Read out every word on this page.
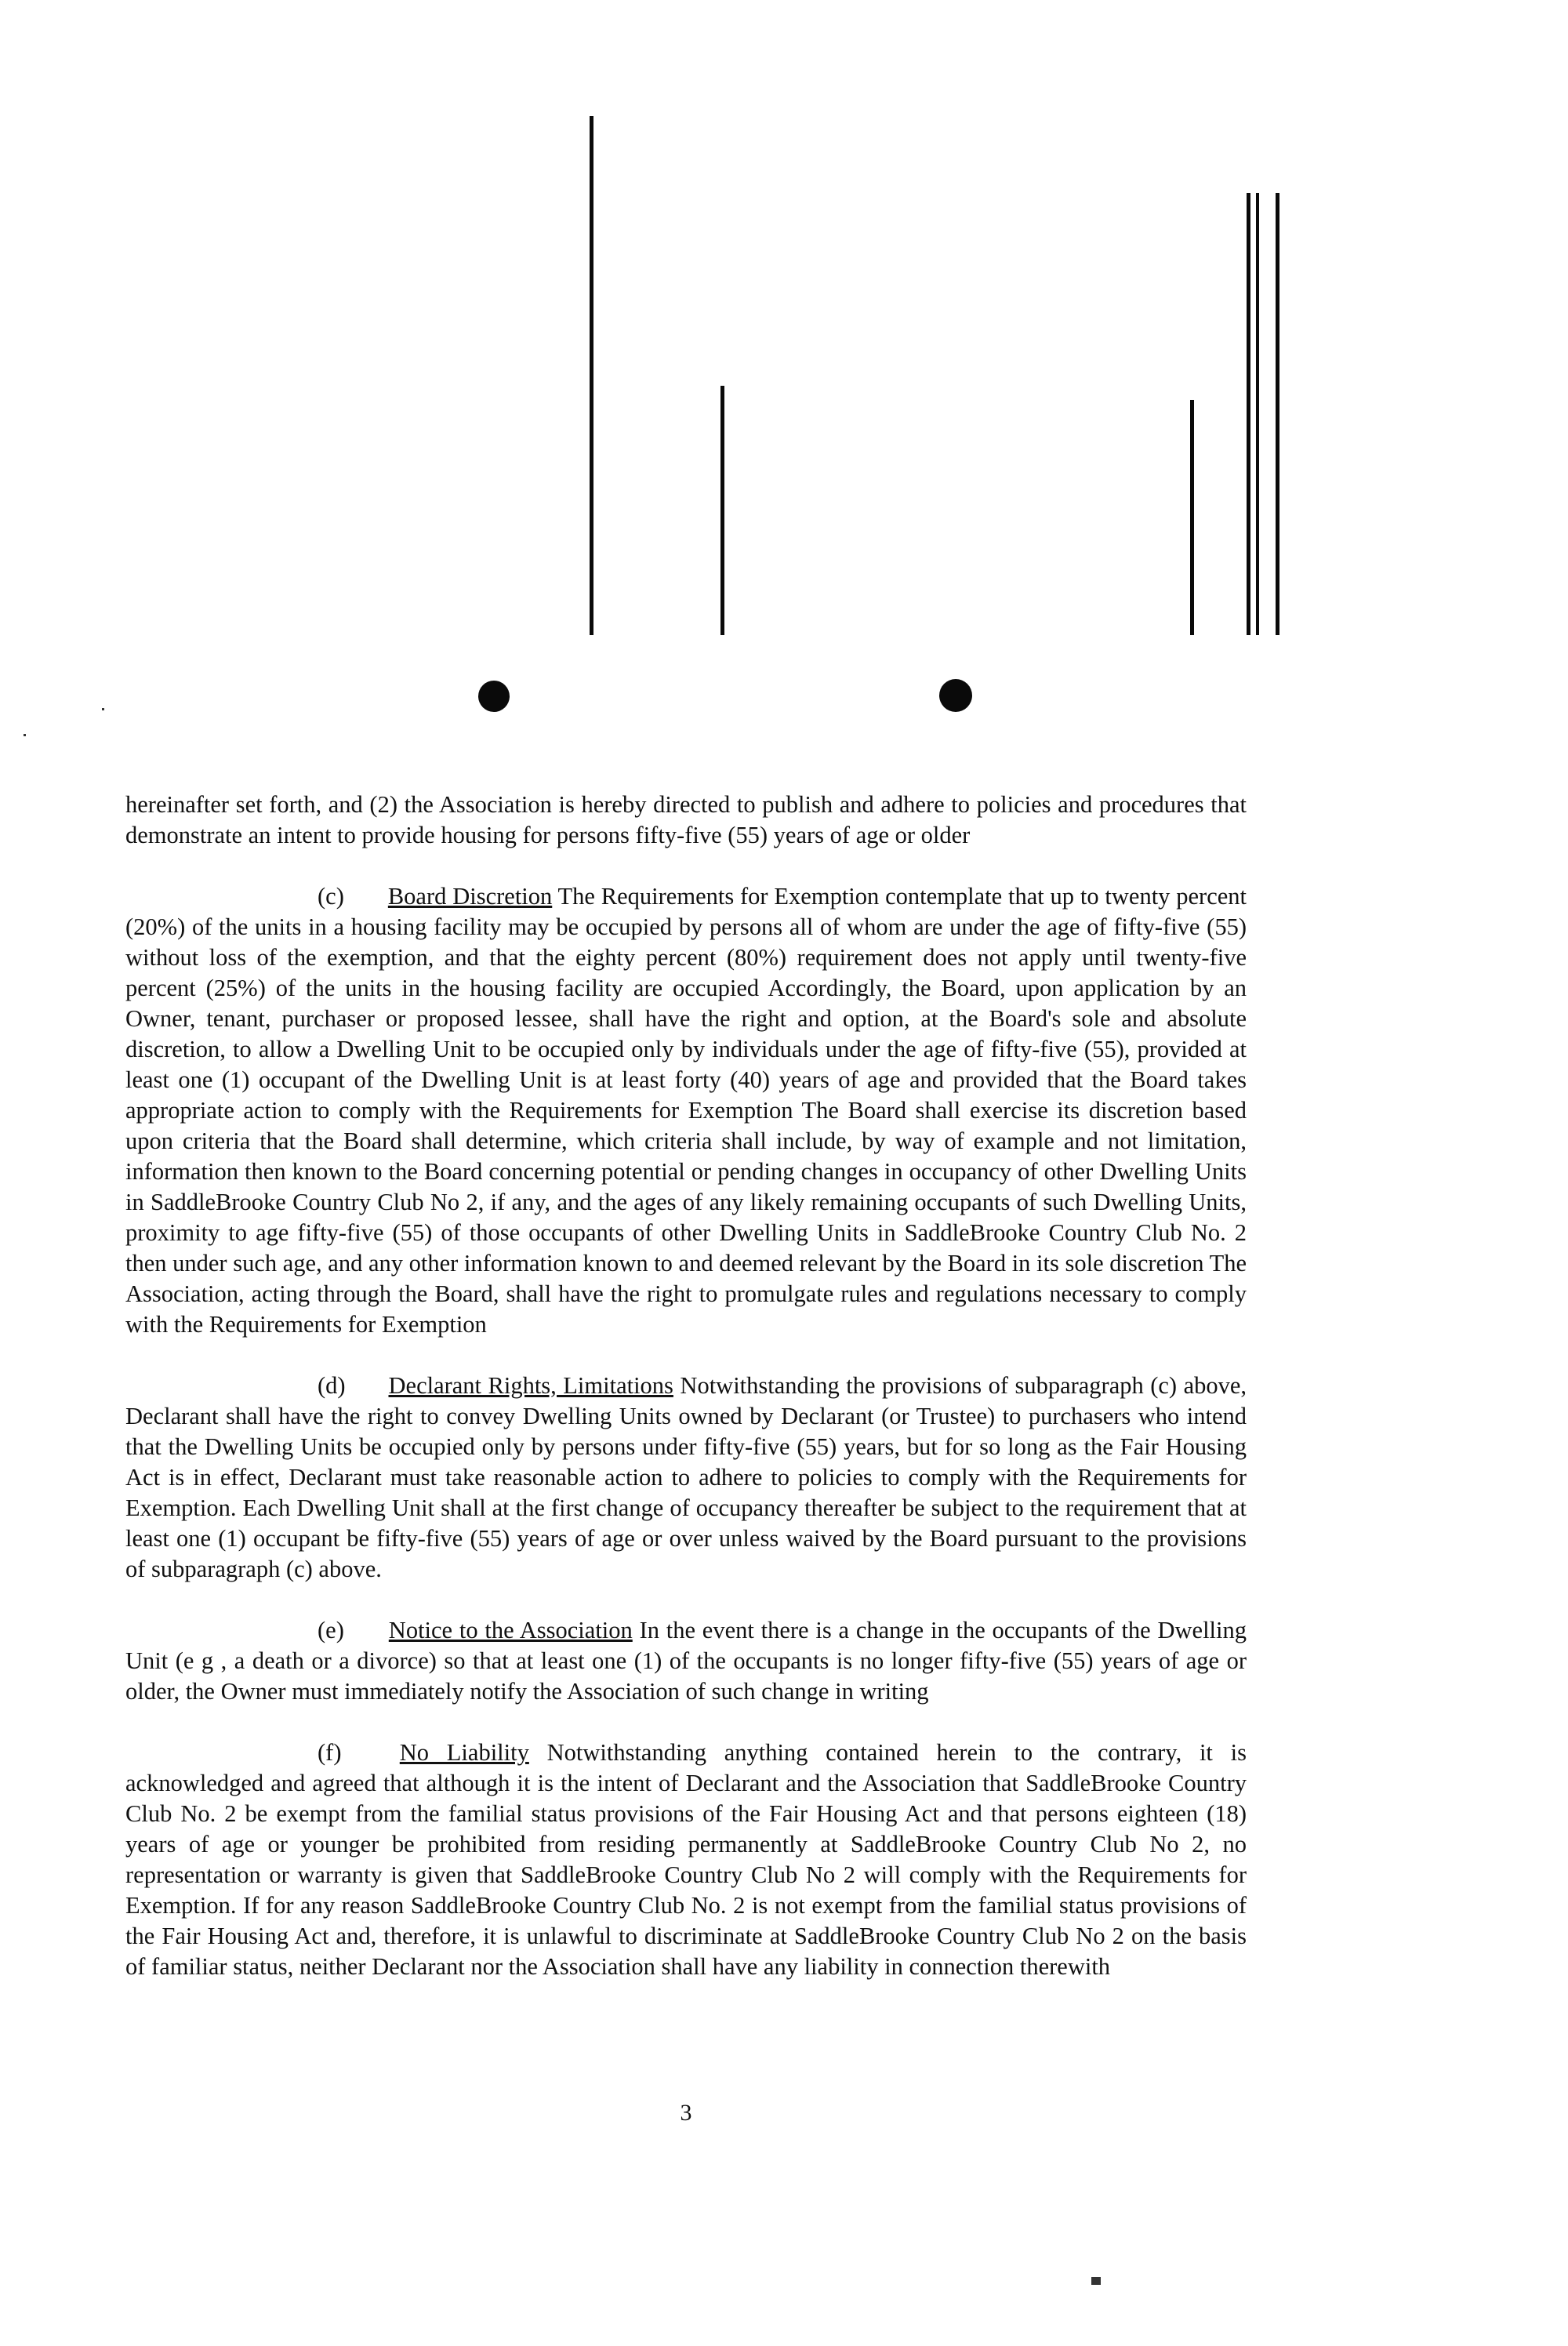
hereinafter set forth, and (2) the Association is hereby directed to publish and adhere to policies and procedures that demonstrate an intent to provide housing for persons fifty-five (55) years of age or older

(c) Board Discretion The Requirements for Exemption contemplate that up to twenty percent (20%) of the units in a housing facility may be occupied by persons all of whom are under the age of fifty-five (55) without loss of the exemption, and that the eighty percent (80%) requirement does not apply until twenty-five percent (25%) of the units in the housing facility are occupied Accordingly, the Board, upon application by an Owner, tenant, purchaser or proposed lessee, shall have the right and option, at the Board's sole and absolute discretion, to allow a Dwelling Unit to be occupied only by individuals under the age of fifty-five (55), provided at least one (1) occupant of the Dwelling Unit is at least forty (40) years of age and provided that the Board takes appropriate action to comply with the Requirements for Exemption The Board shall exercise its discretion based upon criteria that the Board shall determine, which criteria shall include, by way of example and not limitation, information then known to the Board concerning potential or pending changes in occupancy of other Dwelling Units in SaddleBrooke Country Club No 2, if any, and the ages of any likely remaining occupants of such Dwelling Units, proximity to age fifty-five (55) of those occupants of other Dwelling Units in SaddleBrooke Country Club No. 2 then under such age, and any other information known to and deemed relevant by the Board in its sole discretion The Association, acting through the Board, shall have the right to promulgate rules and regulations necessary to comply with the Requirements for Exemption

(d) Declarant Rights, Limitations Notwithstanding the provisions of subparagraph (c) above, Declarant shall have the right to convey Dwelling Units owned by Declarant (or Trustee) to purchasers who intend that the Dwelling Units be occupied only by persons under fifty-five (55) years, but for so long as the Fair Housing Act is in effect, Declarant must take reasonable action to adhere to policies to comply with the Requirements for Exemption. Each Dwelling Unit shall at the first change of occupancy thereafter be subject to the requirement that at least one (1) occupant be fifty-five (55) years of age or over unless waived by the Board pursuant to the provisions of subparagraph (c) above.

(e) Notice to the Association In the event there is a change in the occupants of the Dwelling Unit (e g , a death or a divorce) so that at least one (1) of the occupants is no longer fifty-five (55) years of age or older, the Owner must immediately notify the Association of such change in writing

(f) No Liability Notwithstanding anything contained herein to the contrary, it is acknowledged and agreed that although it is the intent of Declarant and the Association that SaddleBrooke Country Club No. 2 be exempt from the familial status provisions of the Fair Housing Act and that persons eighteen (18) years of age or younger be prohibited from residing permanently at SaddleBrooke Country Club No 2, no representation or warranty is given that SaddleBrooke Country Club No 2 will comply with the Requirements for Exemption. If for any reason SaddleBrooke Country Club No. 2 is not exempt from the familial status provisions of the Fair Housing Act and, therefore, it is unlawful to discriminate at SaddleBrooke Country Club No 2 on the basis of familiar status, neither Declarant nor the Association shall have any liability in connection therewith

3
